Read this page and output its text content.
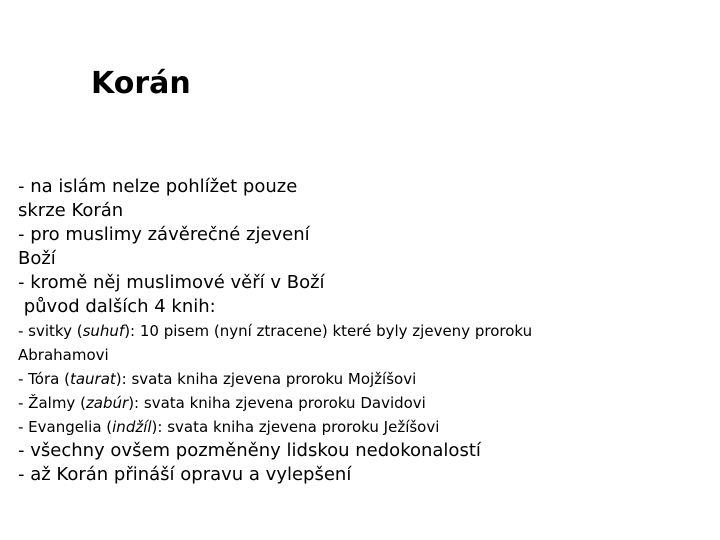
Korán
- na islám nelze pohlížet pouze
skrze Korán
- pro muslimy závěrečné zjevení
Boží
- kromě něj muslimové věří v Boží
původ dalších 4 knih:
- svitky (suhuf): 10 pisem (nyní ztracene) které byly zjeveny proroku
Abrahamovi
- Tóra (taurat): svata kniha zjevena proroku Mojžíšovi
- Žalmy (zabúr): svata kniha zjevena proroku Davidovi
- Evangelia (indžíl): svata kniha zjevena proroku Ježíšovi
- všechny ovšem pozměněny lidskou nedokonalostí
- až Korán přináší opravu a vylepšení
